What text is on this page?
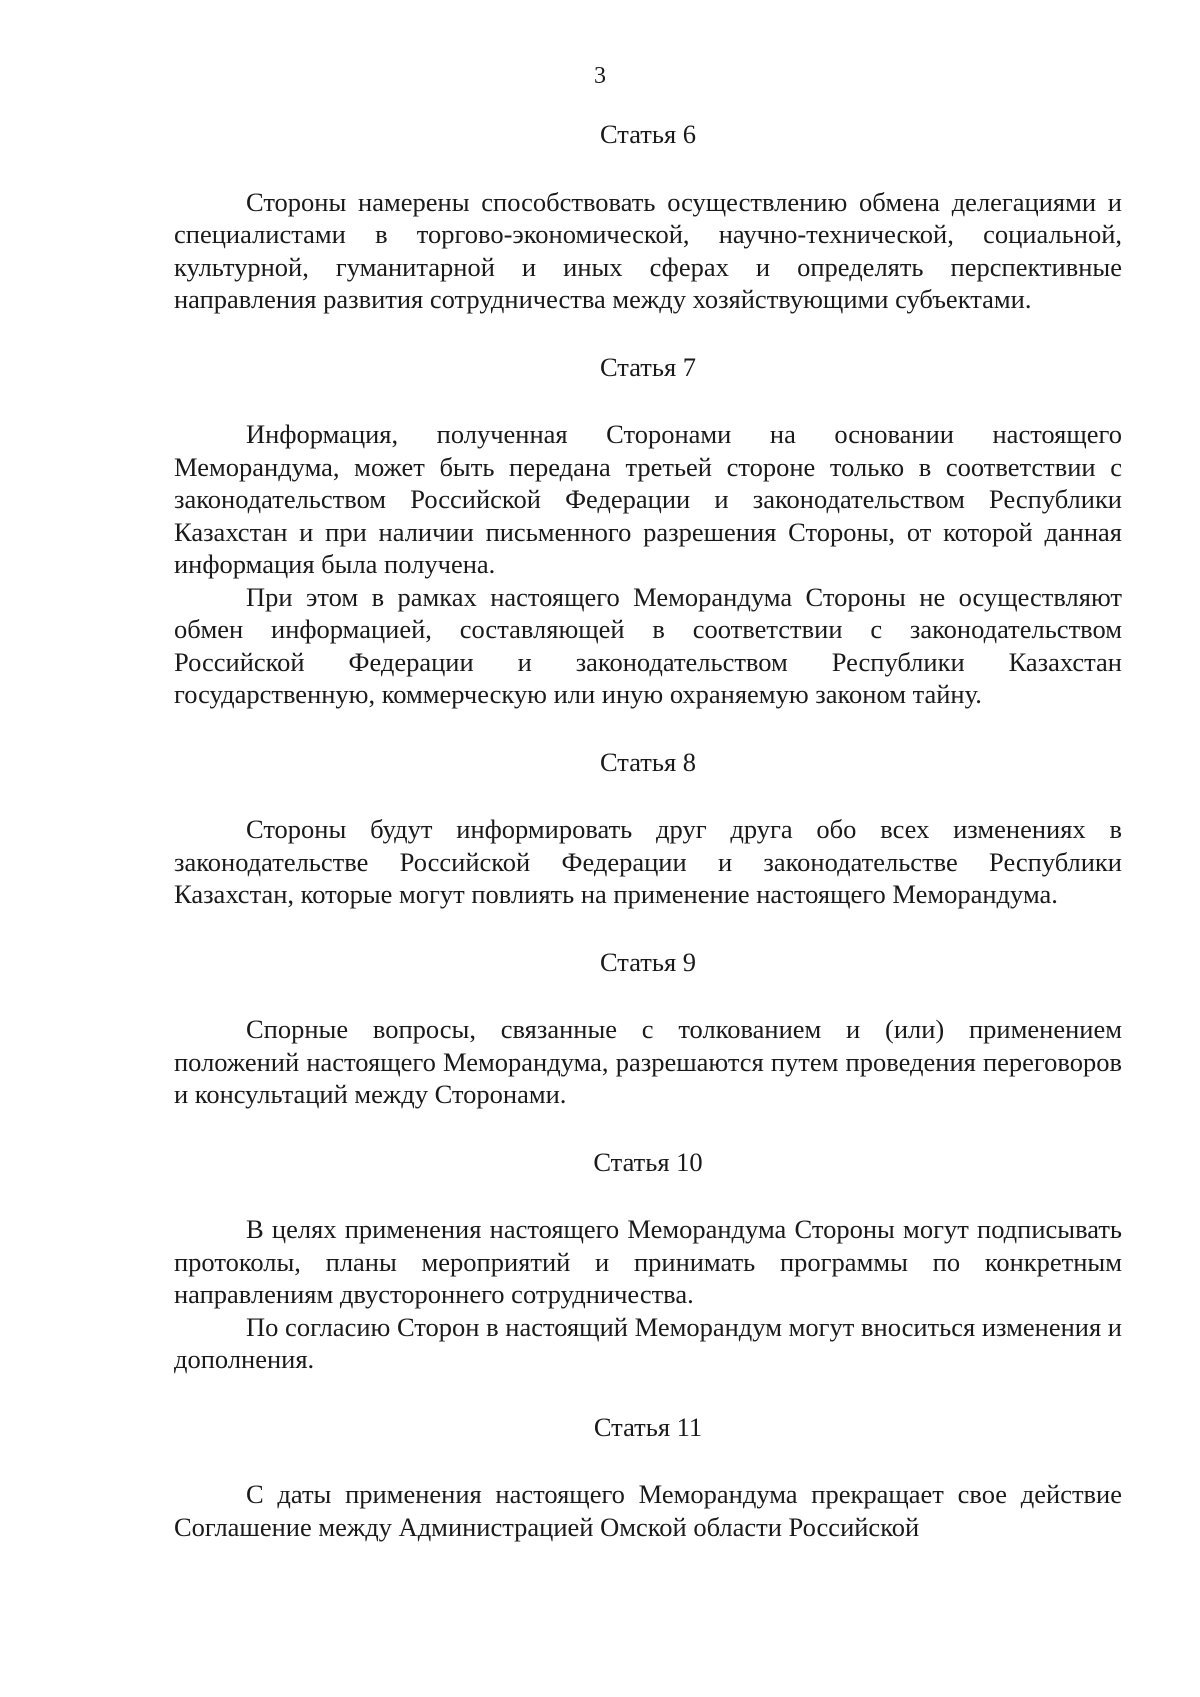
3
Статья 6

Стороны намерены способствовать осуществлению обмена делегациями и специалистами в торгово-экономической, научно-технической, социальной, культурной, гуманитарной и иных сферах и определять перспективные направления развития сотрудничества между хозяйствующими субъектами.

Статья 7

Информация, полученная Сторонами на основании настоящего Меморандума, может быть передана третьей стороне только в соответствии с законодательством Российской Федерации и законодательством Республики Казахстан и при наличии письменного разрешения Стороны, от которой данная информация была получена.

При этом в рамках настоящего Меморандума Стороны не осуществляют обмен информацией, составляющей в соответствии с законодательством Российской Федерации и законодательством Республики Казахстан государственную, коммерческую или иную охраняемую законом тайну.

Статья 8

Стороны будут информировать друг друга обо всех изменениях в законодательстве Российской Федерации и законодательстве Республики Казахстан, которые могут повлиять на применение настоящего Меморандума.

Статья 9

Спорные вопросы, связанные с толкованием и (или) применением положений настоящего Меморандума, разрешаются путем проведения переговоров и консультаций между Сторонами.

Статья 10

В целях применения настоящего Меморандума Стороны могут подписывать протоколы, планы мероприятий и принимать программы по конкретным направлениям двустороннего сотрудничества.

По согласию Сторон в настоящий Меморандум могут вноситься изменения и дополнения.

Статья 11

С даты применения настоящего Меморандума прекращает свое действие Соглашение между Администрацией Омской области Российской
